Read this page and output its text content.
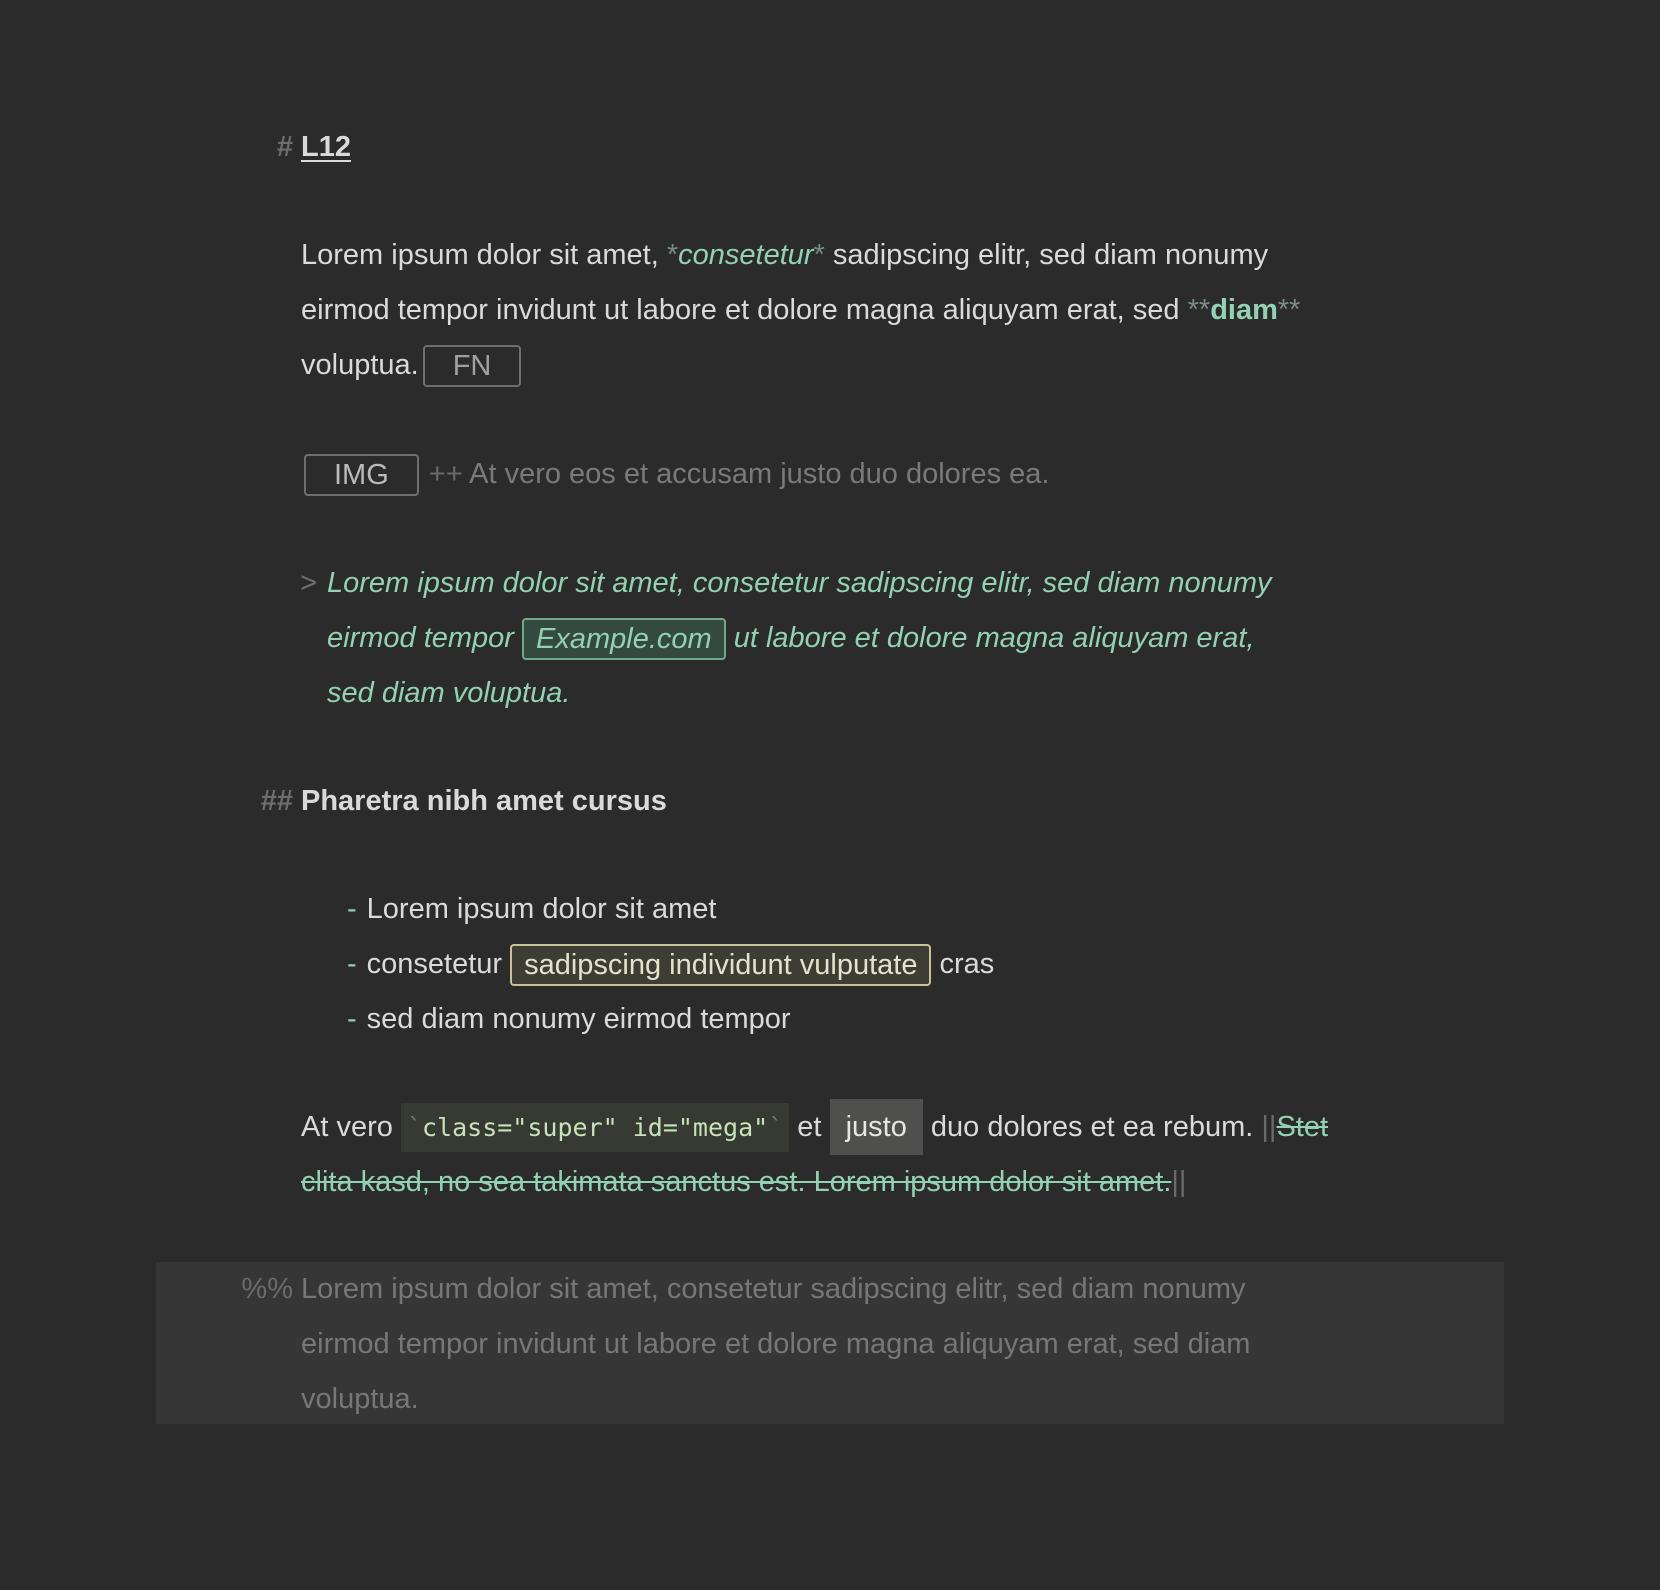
# L12
Lorem ipsum dolor sit amet, *consetetur* sadipscing elitr, sed diam nonumy
eirmod tempor invidunt ut labore et dolore magna aliquyam erat, sed **diam**
voluptua. FN
IMG ++ At vero eos et accusam justo duo dolores ea.
> Lorem ipsum dolor sit amet, consetetur sadipscing elitr, sed diam nonumy
eirmod tempor Example.com ut labore et dolore magna aliquyam erat,
sed diam voluptua.
## Pharetra nibh amet cursus
- Lorem ipsum dolor sit amet
- consetetur sadipscing individunt vulputate cras
- sed diam nonumy eirmod tempor
At vero `class="super" id="mega"` et justo duo dolores et ea rebum. ||Stet
clita kasd, no sea takimata sanctus est. Lorem ipsum dolor sit amet.||
%% Lorem ipsum dolor sit amet, consetetur sadipscing elitr, sed diam nonumy
eirmod tempor invidunt ut labore et dolore magna aliquyam erat, sed diam
voluptua.
